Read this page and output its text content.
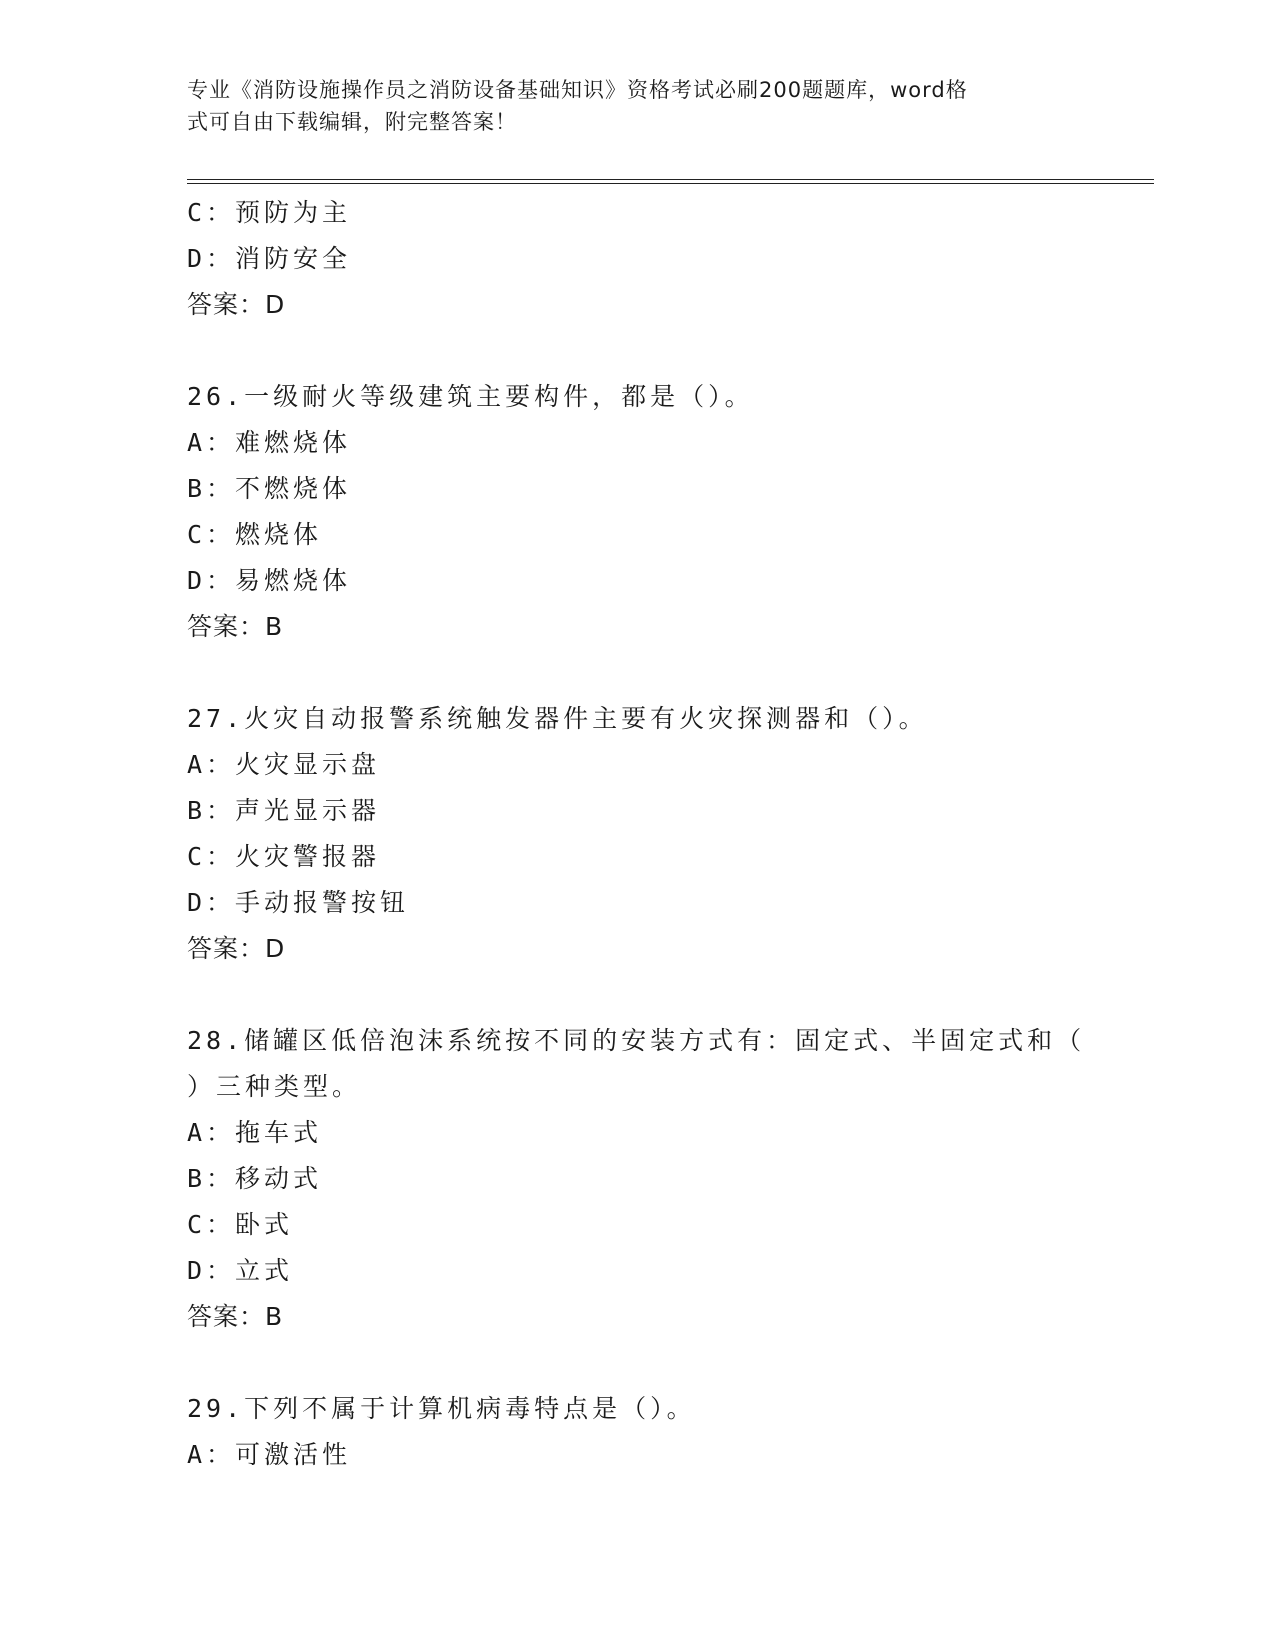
专业《消防设施操作员之消防设备基础知识》资格考试必刷200题题库，word格
式可自由下载编辑，附完整答案！
C：预防为主
D：消防安全
答案：D
26.一级耐火等级建筑主要构件，都是（）。
A：难燃烧体
B：不燃烧体
C：燃烧体
D：易燃烧体
答案：B
27.火灾自动报警系统触发器件主要有火灾探测器和（）。
A：火灾显示盘
B：声光显示器
C：火灾警报器
D：手动报警按钮
答案：D
28.储罐区低倍泡沫系统按不同的安装方式有：固定式、半固定式和（
）三种类型。
A：拖车式
B：移动式
C：卧式
D：立式
答案：B
29.下列不属于计算机病毒特点是（）。
A：可激活性
